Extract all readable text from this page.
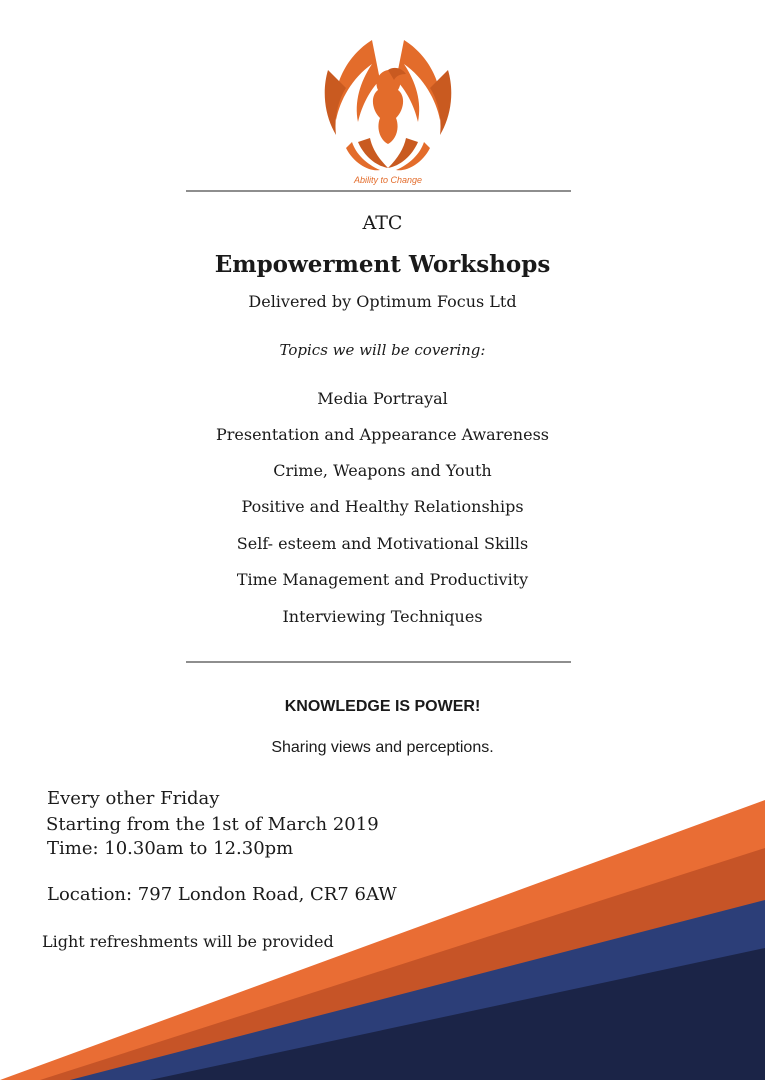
Ability to Change
ATC
Empowerment Workshops
Delivered by Optimum Focus Ltd
Topics we will be covering:
Media Portrayal
Presentation and Appearance Awareness
Crime, Weapons and Youth
Positive and Healthy Relationships
Self- esteem and Motivational Skills
Time Management and Productivity
Interviewing Techniques
KNOWLEDGE IS POWER!
Sharing views and perceptions.
Every other Friday
Starting from the 1st of March 2019
Time: 10.30am to 12.30pm
Location: 797 London Road, CR7 6AW
Light refreshments will be provided
